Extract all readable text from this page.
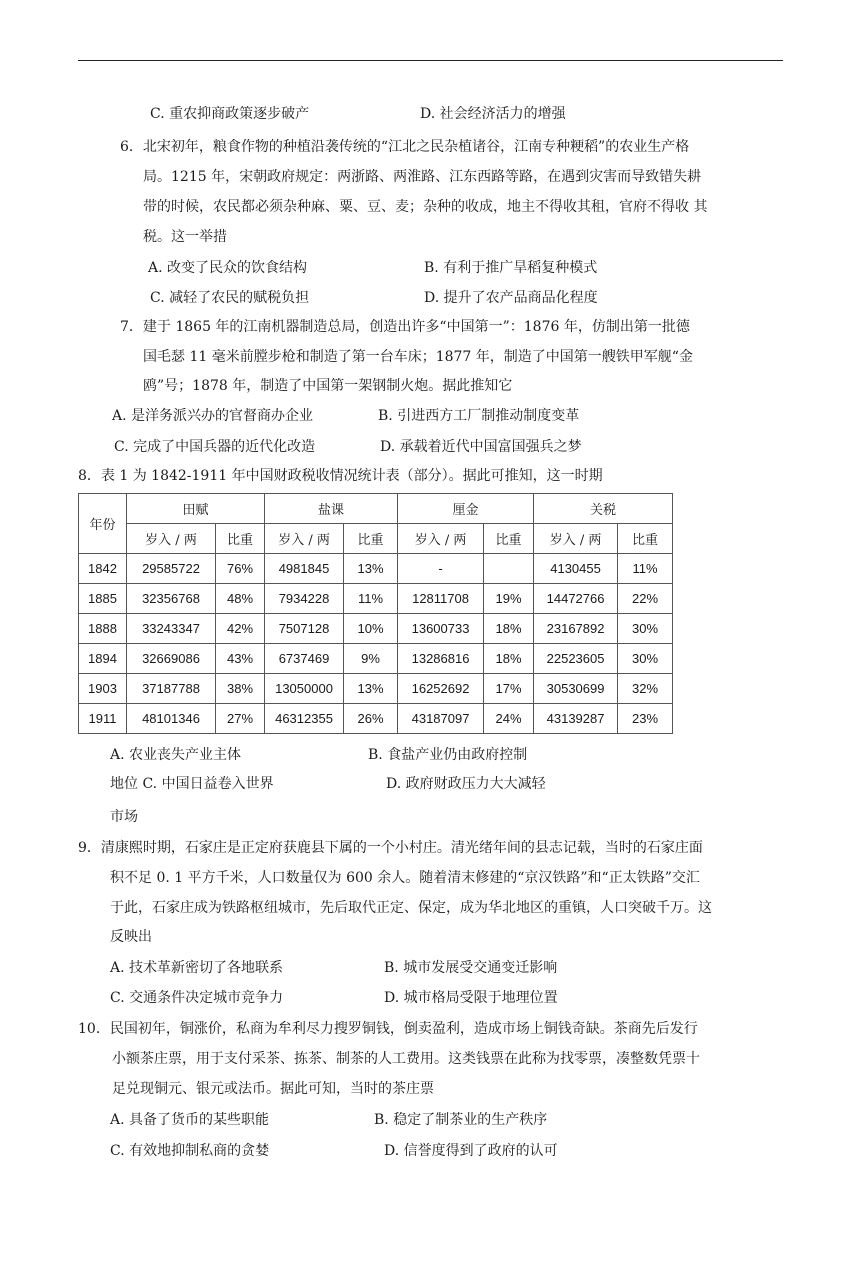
C. 重农抑商政策逐步破产	D. 社会经济活力的增强
6．北宋初年，粮食作物的种植沿袭传统的“江北之民杂植诸谷，江南专种粳稻”的农业生产格
局。1215 年，宋朝政府规定：两浙路、两淮路、江东西路等路，在遇到灾害而导致错失耕
带的时候，农民都必须杂种麻、粟、豆、麦；杂种的收成，地主不得收其租，官府不得收 其
税。这一举措
A. 改变了民众的饮食结构	B. 有利于推广旱稻复种模式
C. 减轻了农民的赋税负担	D. 提升了农产品商品化程度
7．建于 1865 年的江南机器制造总局，创造出许多“中国第一”：1876 年，仿制出第一批德
国毛瑟 11 毫米前膛步枪和制造了第一台车床；1877 年，制造了中国第一艘铁甲军舰“金
鸥”号；1878 年，制造了中国第一架钢制火炮。据此推知它
A. 是洋务派兴办的官督商办企业	B. 引进西方工厂制推动制度变革
C. 完成了中国兵器的近代化改造	D. 承载着近代中国富国强兵之梦
8．表 1 为 1842-1911 年中国财政税收情况统计表（部分）。据此可推知，这一时期
年份	田赋		盐课		厘金		关税	
	岁入 / 两	比重	岁入 / 两	比重	岁入 / 两	比重	岁入 / 两	比重
1842	29585722	76%	4981845	13%	-		4130455	11%
1885	32356768	48%	7934228	11%	12811708	19%	14472766	22%
1888	33243347	42%	7507128	10%	13600733	18%	23167892	30%
1894	32669086	43%	6737469	9%	13286816	18%	22523605	30%
1903	37187788	38%	13050000	13%	16252692	17%	30530699	32%
1911	48101346	27%	46312355	26%	43187097	24%	43139287	23%
A. 农业丧失产业主体	B. 食盐产业仍由政府控制
地位 C. 中国日益卷入世界	D. 政府财政压力大大减轻
市场
9．清康熙时期，石家庄是正定府获鹿县下属的一个小村庄。清光绪年间的县志记载，当时的石家庄面
积不足 0. 1 平方千米，人口数量仅为 600 余人。随着清末修建的“京汉铁路”和“正太铁路”交汇
于此，石家庄成为铁路枢纽城市，先后取代正定、保定，成为华北地区的重镇，人口突破千万。这
反映出
A. 技术革新密切了各地联系	B. 城市发展受交通变迁影响
C. 交通条件决定城市竞争力	D. 城市格局受限于地理位置
10．民国初年，铜涨价，私商为牟利尽力搜罗铜钱，倒卖盈利，造成市场上铜钱奇缺。茶商先后发行
小额茶庄票，用于支付采茶、拣茶、制茶的人工费用。这类钱票在此称为找零票，凑整数凭票十
足兑现铜元、银元或法币。据此可知，当时的茶庄票
A. 具备了货币的某些职能	B. 稳定了制茶业的生产秩序
C. 有效地抑制私商的贪婪	D. 信誉度得到了政府的认可
